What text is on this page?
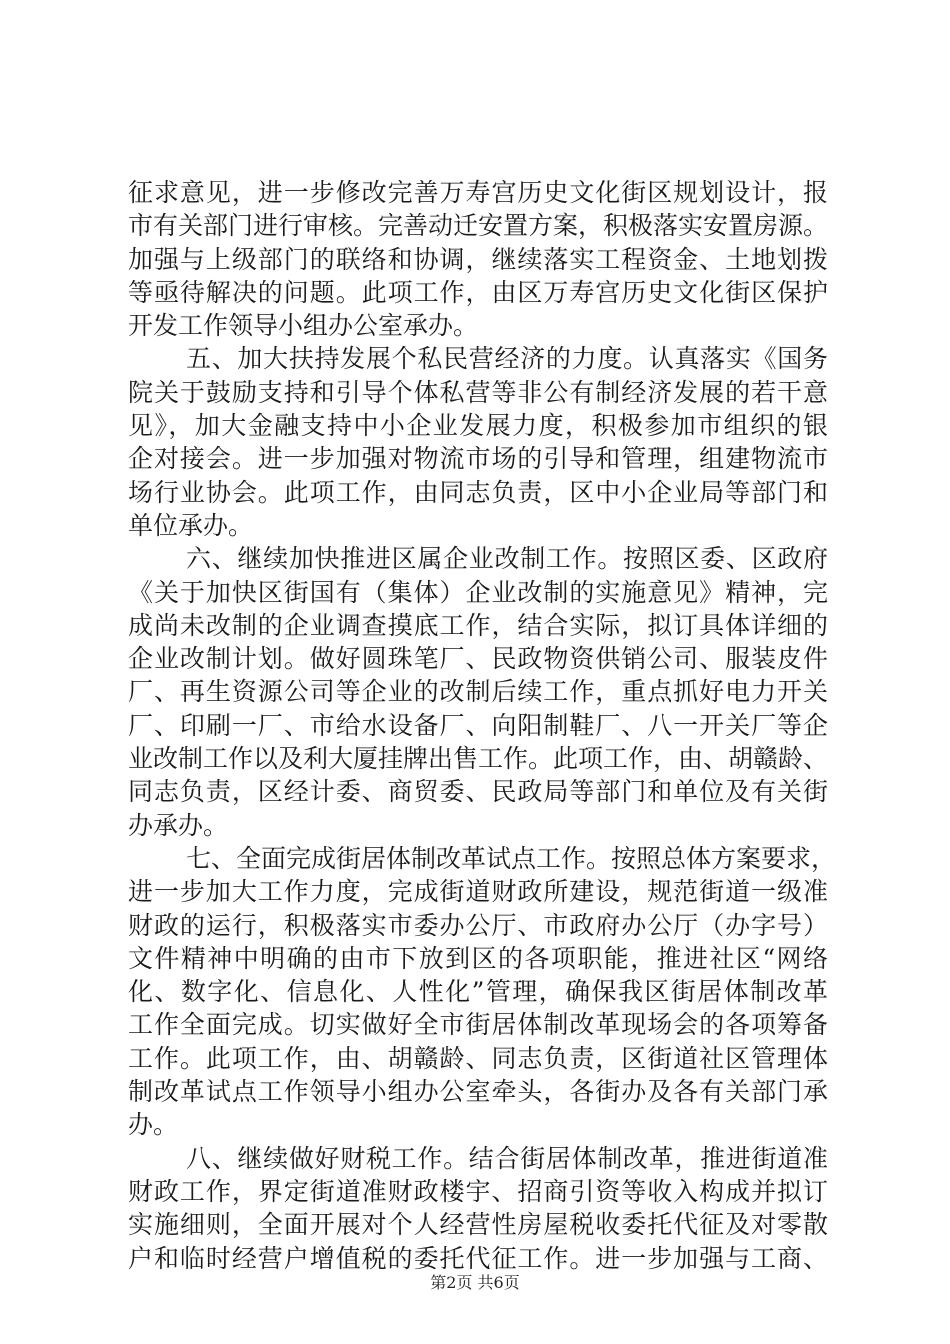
征求意见，进一步修改完善万寿宫历史文化街区规划设计，报
市有关部门进行审核。完善动迁安置方案，积极落实安置房源。
加强与上级部门的联络和协调，继续落实工程资金、土地划拨
等亟待解决的问题。此项工作，由区万寿宫历史文化街区保护
开发工作领导小组办公室承办。
五、加大扶持发展个私民营经济的力度。认真落实《国务
院关于鼓励支持和引导个体私营等非公有制经济发展的若干意
见》，加大金融支持中小企业发展力度，积极参加市组织的银
企对接会。进一步加强对物流市场的引导和管理，组建物流市
场行业协会。此项工作，由同志负责，区中小企业局等部门和
单位承办。
六、继续加快推进区属企业改制工作。按照区委、区政府
《关于加快区街国有（集体）企业改制的实施意见》精神，完
成尚未改制的企业调查摸底工作，结合实际，拟订具体详细的
企业改制计划。做好圆珠笔厂、民政物资供销公司、服装皮件
厂、再生资源公司等企业的改制后续工作，重点抓好电力开关
厂、印刷一厂、市给水设备厂、向阳制鞋厂、八一开关厂等企
业改制工作以及利大厦挂牌出售工作。此项工作，由、胡赣龄、
同志负责，区经计委、商贸委、民政局等部门和单位及有关街
办承办。
七、全面完成街居体制改革试点工作。按照总体方案要求，
进一步加大工作力度，完成街道财政所建设，规范街道一级准
财政的运行，积极落实市委办公厅、市政府办公厅（办字号）
文件精神中明确的由市下放到区的各项职能，推进社区“网络
化、数字化、信息化、人性化”管理，确保我区街居体制改革
工作全面完成。切实做好全市街居体制改革现场会的各项筹备
工作。此项工作，由、胡赣龄、同志负责，区街道社区管理体
制改革试点工作领导小组办公室牵头，各街办及各有关部门承
办。
八、继续做好财税工作。结合街居体制改革，推进街道准
财政工作，界定街道准财政楼宇、招商引资等收入构成并拟订
实施细则，全面开展对个人经营性房屋税收委托代征及对零散
户和临时经营户增值税的委托代征工作。进一步加强与工商、
第2页 共6页
